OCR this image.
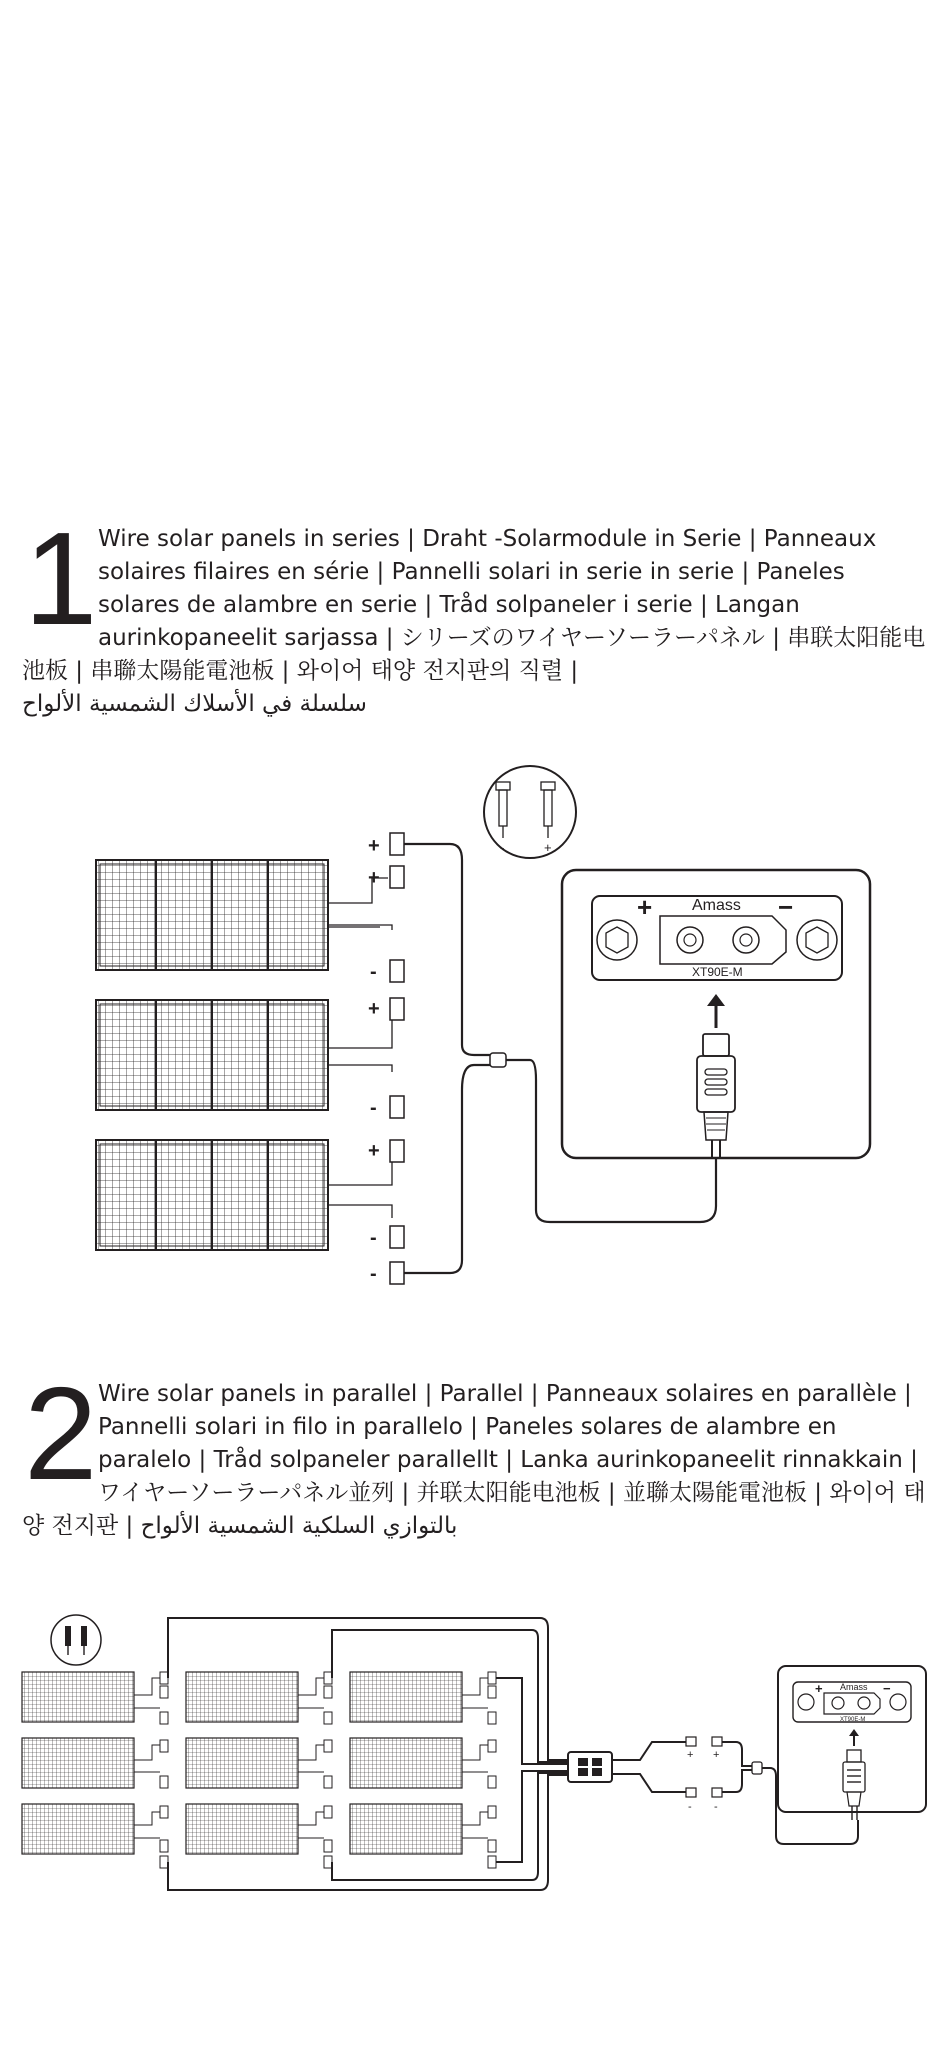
1 Wire solar panels in series | Draht -Solarmodule in Serie | Panneaux solaires filaires en série | Pannelli solari in serie in serie | Paneles solares de alambre en serie | Tråd solpaneler i serie | Langan aurinkopaneelit sarjassa | シリーズのワイヤーソーラーパネル | 串联太阳能电池板 | 串聯太陽能電池板 | 와이어 태양 전지판의 직렬 |
سلسلة في الأسلاك الشمسية الألواح

+
+
-
+
-
+
-
-
-	+
Amass
+	−
XT90E-M
2 Wire solar panels in parallel | Parallel | Panneaux solaires en parallèle | Pannelli solari in filo in parallelo | Paneles solares de alambre en paralelo | Tråd solpaneler parallellt | Lanka aurinkopaneelit rinnakkain | ワイヤーソーラーパネル並列 | 并联太阳能电池板 | 並聯太陽能電池板 | 와이어 태양 전지판 | بالتوازي السلكية الشمسية الألواح

+ +
- -
Amass
+	−
XT90E-M
